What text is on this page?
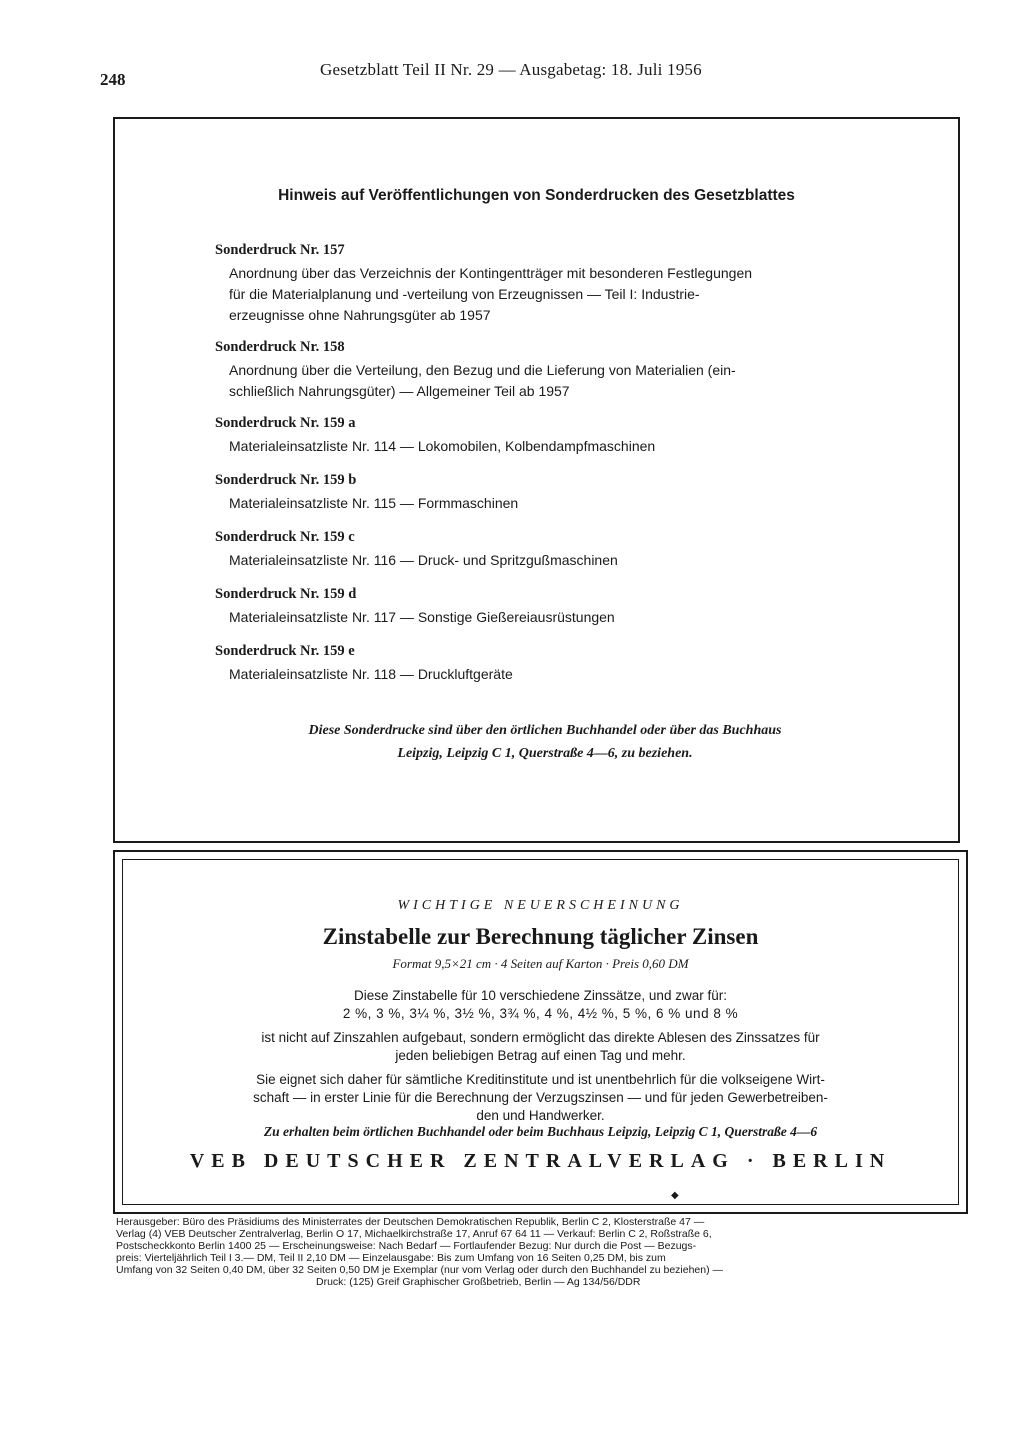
248
Gesetzblatt Teil II Nr. 29 — Ausgabetag: 18. Juli 1956
Hinweis auf Veröffentlichungen von Sonderdrucken des Gesetzblattes

Sonderdruck Nr. 157

Anordnung über das Verzeichnis der Kontingentträger mit besonderen Festlegungen
für die Materialplanung und -verteilung von Erzeugnissen — Teil I: Industrie-
erzeugnisse ohne Nahrungsgüter ab 1957

Sonderdruck Nr. 158

Anordnung über die Verteilung, den Bezug und die Lieferung von Materialien (ein-
schließlich Nahrungsgüter) — Allgemeiner Teil ab 1957

Sonderdruck Nr. 159 a

Materialeinsatzliste Nr. 114 — Lokomobilen, Kolbendampfmaschinen

Sonderdruck Nr. 159 b

Materialeinsatzliste Nr. 115 — Formmaschinen

Sonderdruck Nr. 159 c

Materialeinsatzliste Nr. 116 — Druck- und Spritzgußmaschinen

Sonderdruck Nr. 159 d

Materialeinsatzliste Nr. 117 — Sonstige Gießereiausrüstungen

Sonderdruck Nr. 159 e

Materialeinsatzliste Nr. 118 — Druckluftgeräte
Diese Sonderdrucke sind über den örtlichen Buchhandel oder über das Buchhaus
Leipzig, Leipzig C 1, Querstraße 4—6, zu beziehen.
WICHTIGE NEUERSCHEINUNG
Zinstabelle zur Berechnung täglicher Zinsen
Format 9,5×21 cm · 4 Seiten auf Karton · Preis 0,60 DM
Diese Zinstabelle für 10 verschiedene Zinssätze, und zwar für:
2 %, 3 %, 3¼ %, 3½ %, 3¾ %, 4 %, 4½ %, 5 %, 6 % und 8 %
ist nicht auf Zinszahlen aufgebaut, sondern ermöglicht das direkte Ablesen des Zinssatzes für
jeden beliebigen Betrag auf einen Tag und mehr.
Sie eignet sich daher für sämtliche Kreditinstitute und ist unentbehrlich für die volkseigene Wirt-
schaft — in erster Linie für die Berechnung der Verzugszinsen — und für jeden Gewerbetreiben-
den und Handwerker.
Zu erhalten beim örtlichen Buchhandel oder beim Buchhaus Leipzig, Leipzig C 1, Querstraße 4—6
VEB DEUTSCHER ZENTRALVERLAG · BERLIN
◆

Herausgeber: Büro des Präsidiums des Ministerrates der Deutschen Demokratischen Republik, Berlin C 2, Klosterstraße 47 —

Verlag (4) VEB Deutscher Zentralverlag, Berlin O 17, Michaelkirchstraße 17, Anruf 67 64 11 — Verkauf: Berlin C 2, Roßstraße 6,

Postscheckkonto Berlin 1400 25 — Erscheinungsweise: Nach Bedarf — Fortlaufender Bezug: Nur durch die Post — Bezugs-

preis: Vierteljährlich Teil I 3.— DM, Teil II 2,10 DM — Einzelausgabe: Bis zum Umfang von 16 Seiten 0,25 DM, bis zum

Umfang von 32 Seiten 0,40 DM, über 32 Seiten 0,50 DM je Exemplar (nur vom Verlag oder durch den Buchhandel zu beziehen) —

Druck: (125) Greif Graphischer Großbetrieb, Berlin — Ag 134/56/DDR
